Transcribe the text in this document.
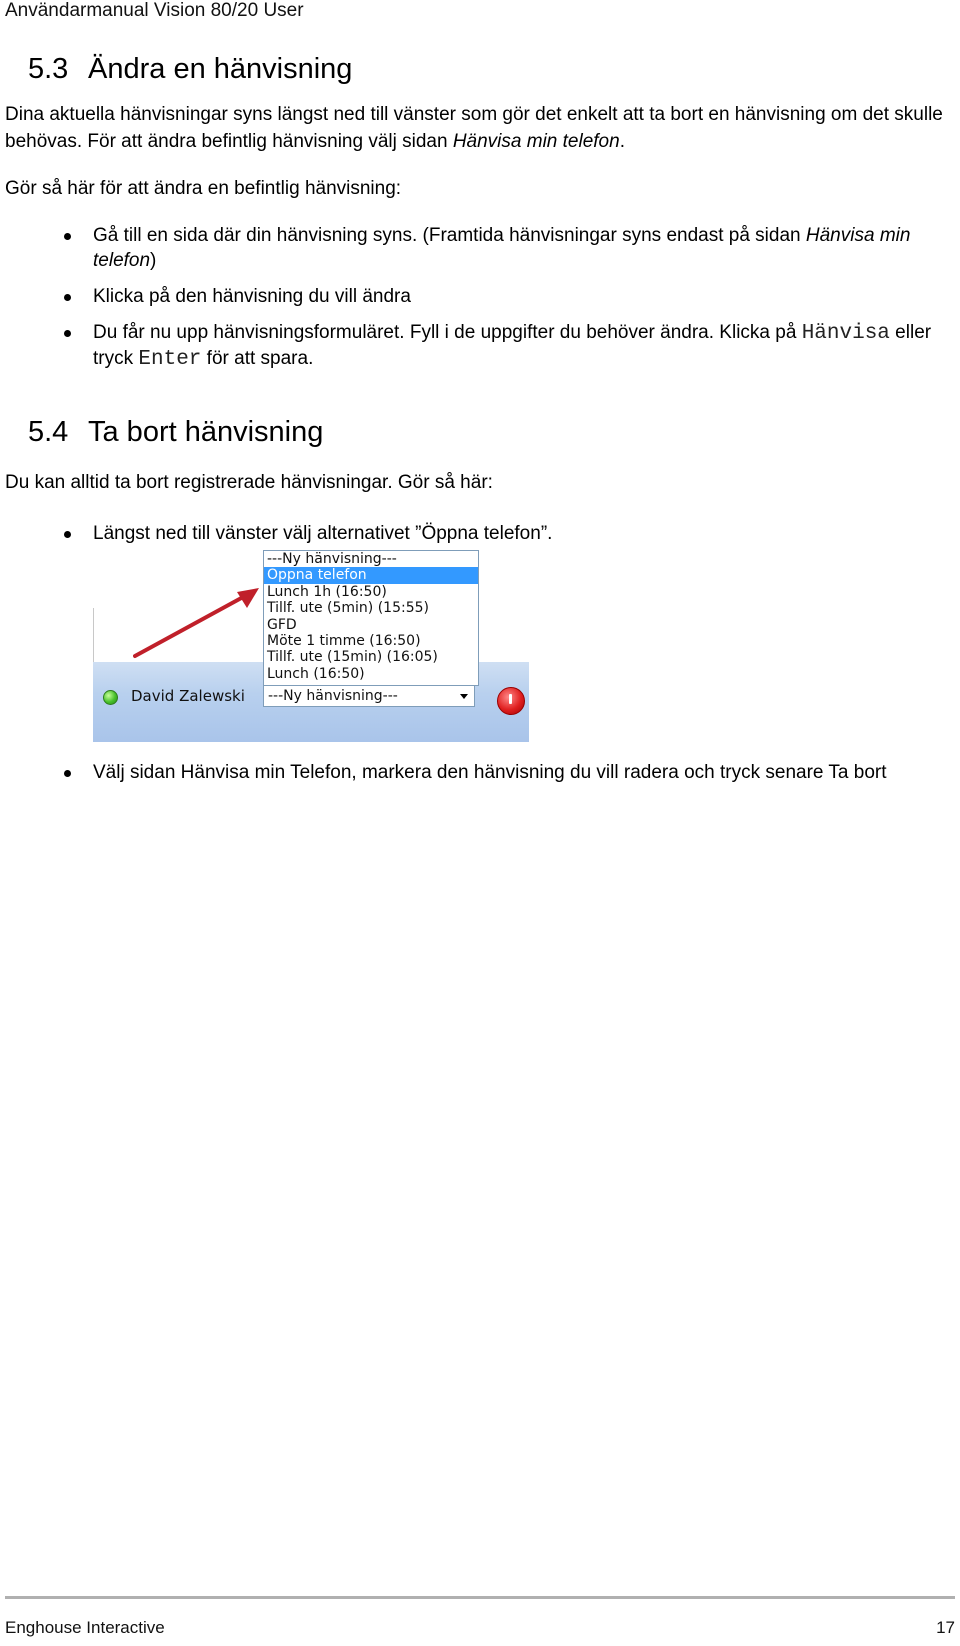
Användarmanual Vision 80/20 User
5.3 Ändra en hänvisning

Dina aktuella hänvisningar syns längst ned till vänster som gör det enkelt att ta bort en hänvisning om det skulle behövas. För att ändra befintlig hänvisning välj sidan Hänvisa min telefon.

Gör så här för att ändra en befintlig hänvisning:

Gå till en sida där din hänvisning syns. (Framtida hänvisningar syns endast på sidan Hänvisa min telefon)
Klicka på den hänvisning du vill ändra
Du får nu upp hänvisningsformuläret. Fyll i de uppgifter du behöver ändra. Klicka på Hänvisa eller tryck Enter för att spara.
5.4 Ta bort hänvisning

Du kan alltid ta bort registrerade hänvisningar. Gör så här:

Längst ned till vänster välj alternativet ”Öppna telefon”.
David Zalewski	---Ny hänvisning---
---Ny hänvisning---
Öppna telefon
Lunch 1h (16:50)
Tillf. ute (5min) (15:55)
GFD
Möte 1 timme (16:50)
Tillf. ute (15min) (16:05)
Lunch (16:50)
Välj sidan Hänvisa min Telefon, markera den hänvisning du vill radera och tryck senare Ta bort
Enghouse Interactive	17
